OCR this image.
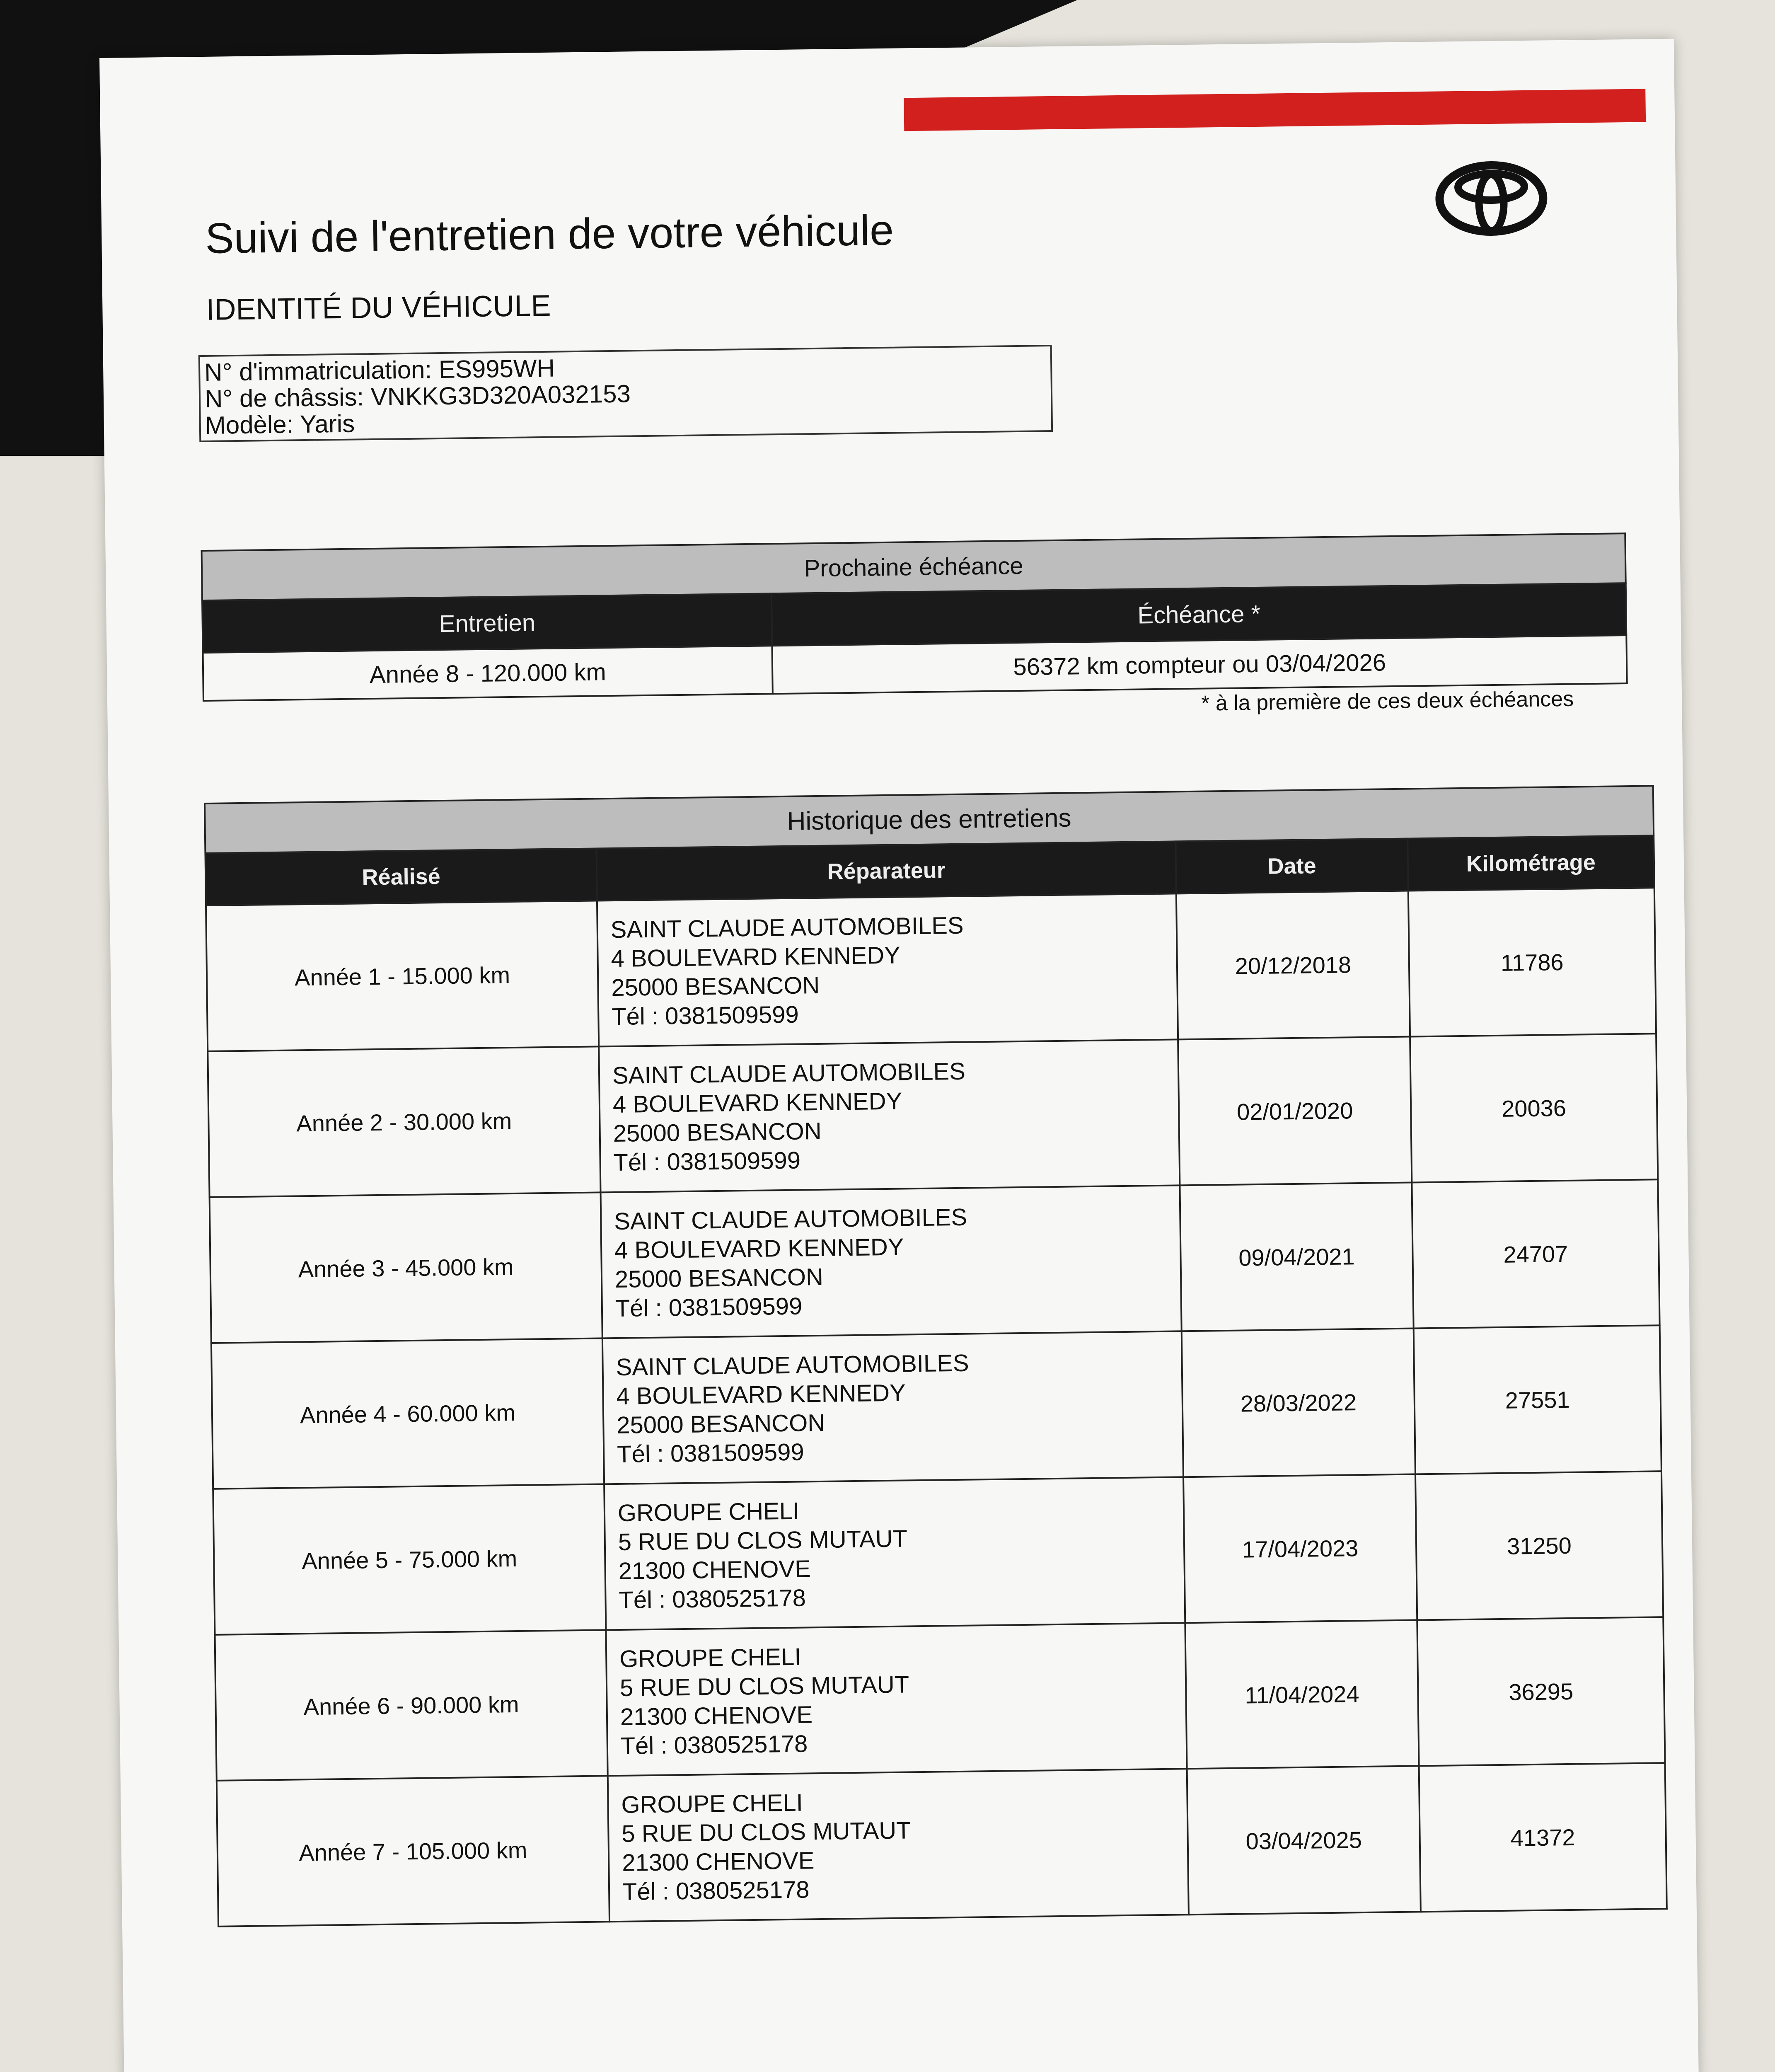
Suivi de l'entretien de votre véhicule
IDENTITÉ DU VÉHICULE
N° d'immatriculation: ES995WH
N° de châssis: VNKKG3D320A032153
Modèle: Yaris
Prochaine échéance	
Entretien	Échéance *
Année 8 - 120.000 km	56372 km compteur ou 03/04/2026
* à la première de ces deux échéances
Historique des entretiens			
Réalisé	Réparateur	Date	Kilométrage
Année 1 - 15.000 km	SAINT CLAUDE AUTOMOBILES
4 BOULEVARD KENNEDY
25000 BESANCON
Tél : 0381509599	20/12/2018	11786
Année 2 - 30.000 km	SAINT CLAUDE AUTOMOBILES
4 BOULEVARD KENNEDY
25000 BESANCON
Tél : 0381509599	02/01/2020	20036
Année 3 - 45.000 km	SAINT CLAUDE AUTOMOBILES
4 BOULEVARD KENNEDY
25000 BESANCON
Tél : 0381509599	09/04/2021	24707
Année 4 - 60.000 km	SAINT CLAUDE AUTOMOBILES
4 BOULEVARD KENNEDY
25000 BESANCON
Tél : 0381509599	28/03/2022	27551
Année 5 - 75.000 km	GROUPE CHELI
5 RUE DU CLOS MUTAUT
21300 CHENOVE
Tél : 0380525178	17/04/2023	31250
Année 6 - 90.000 km	GROUPE CHELI
5 RUE DU CLOS MUTAUT
21300 CHENOVE
Tél : 0380525178	11/04/2024	36295
Année 7 - 105.000 km	GROUPE CHELI
5 RUE DU CLOS MUTAUT
21300 CHENOVE
Tél : 0380525178	03/04/2025	41372
